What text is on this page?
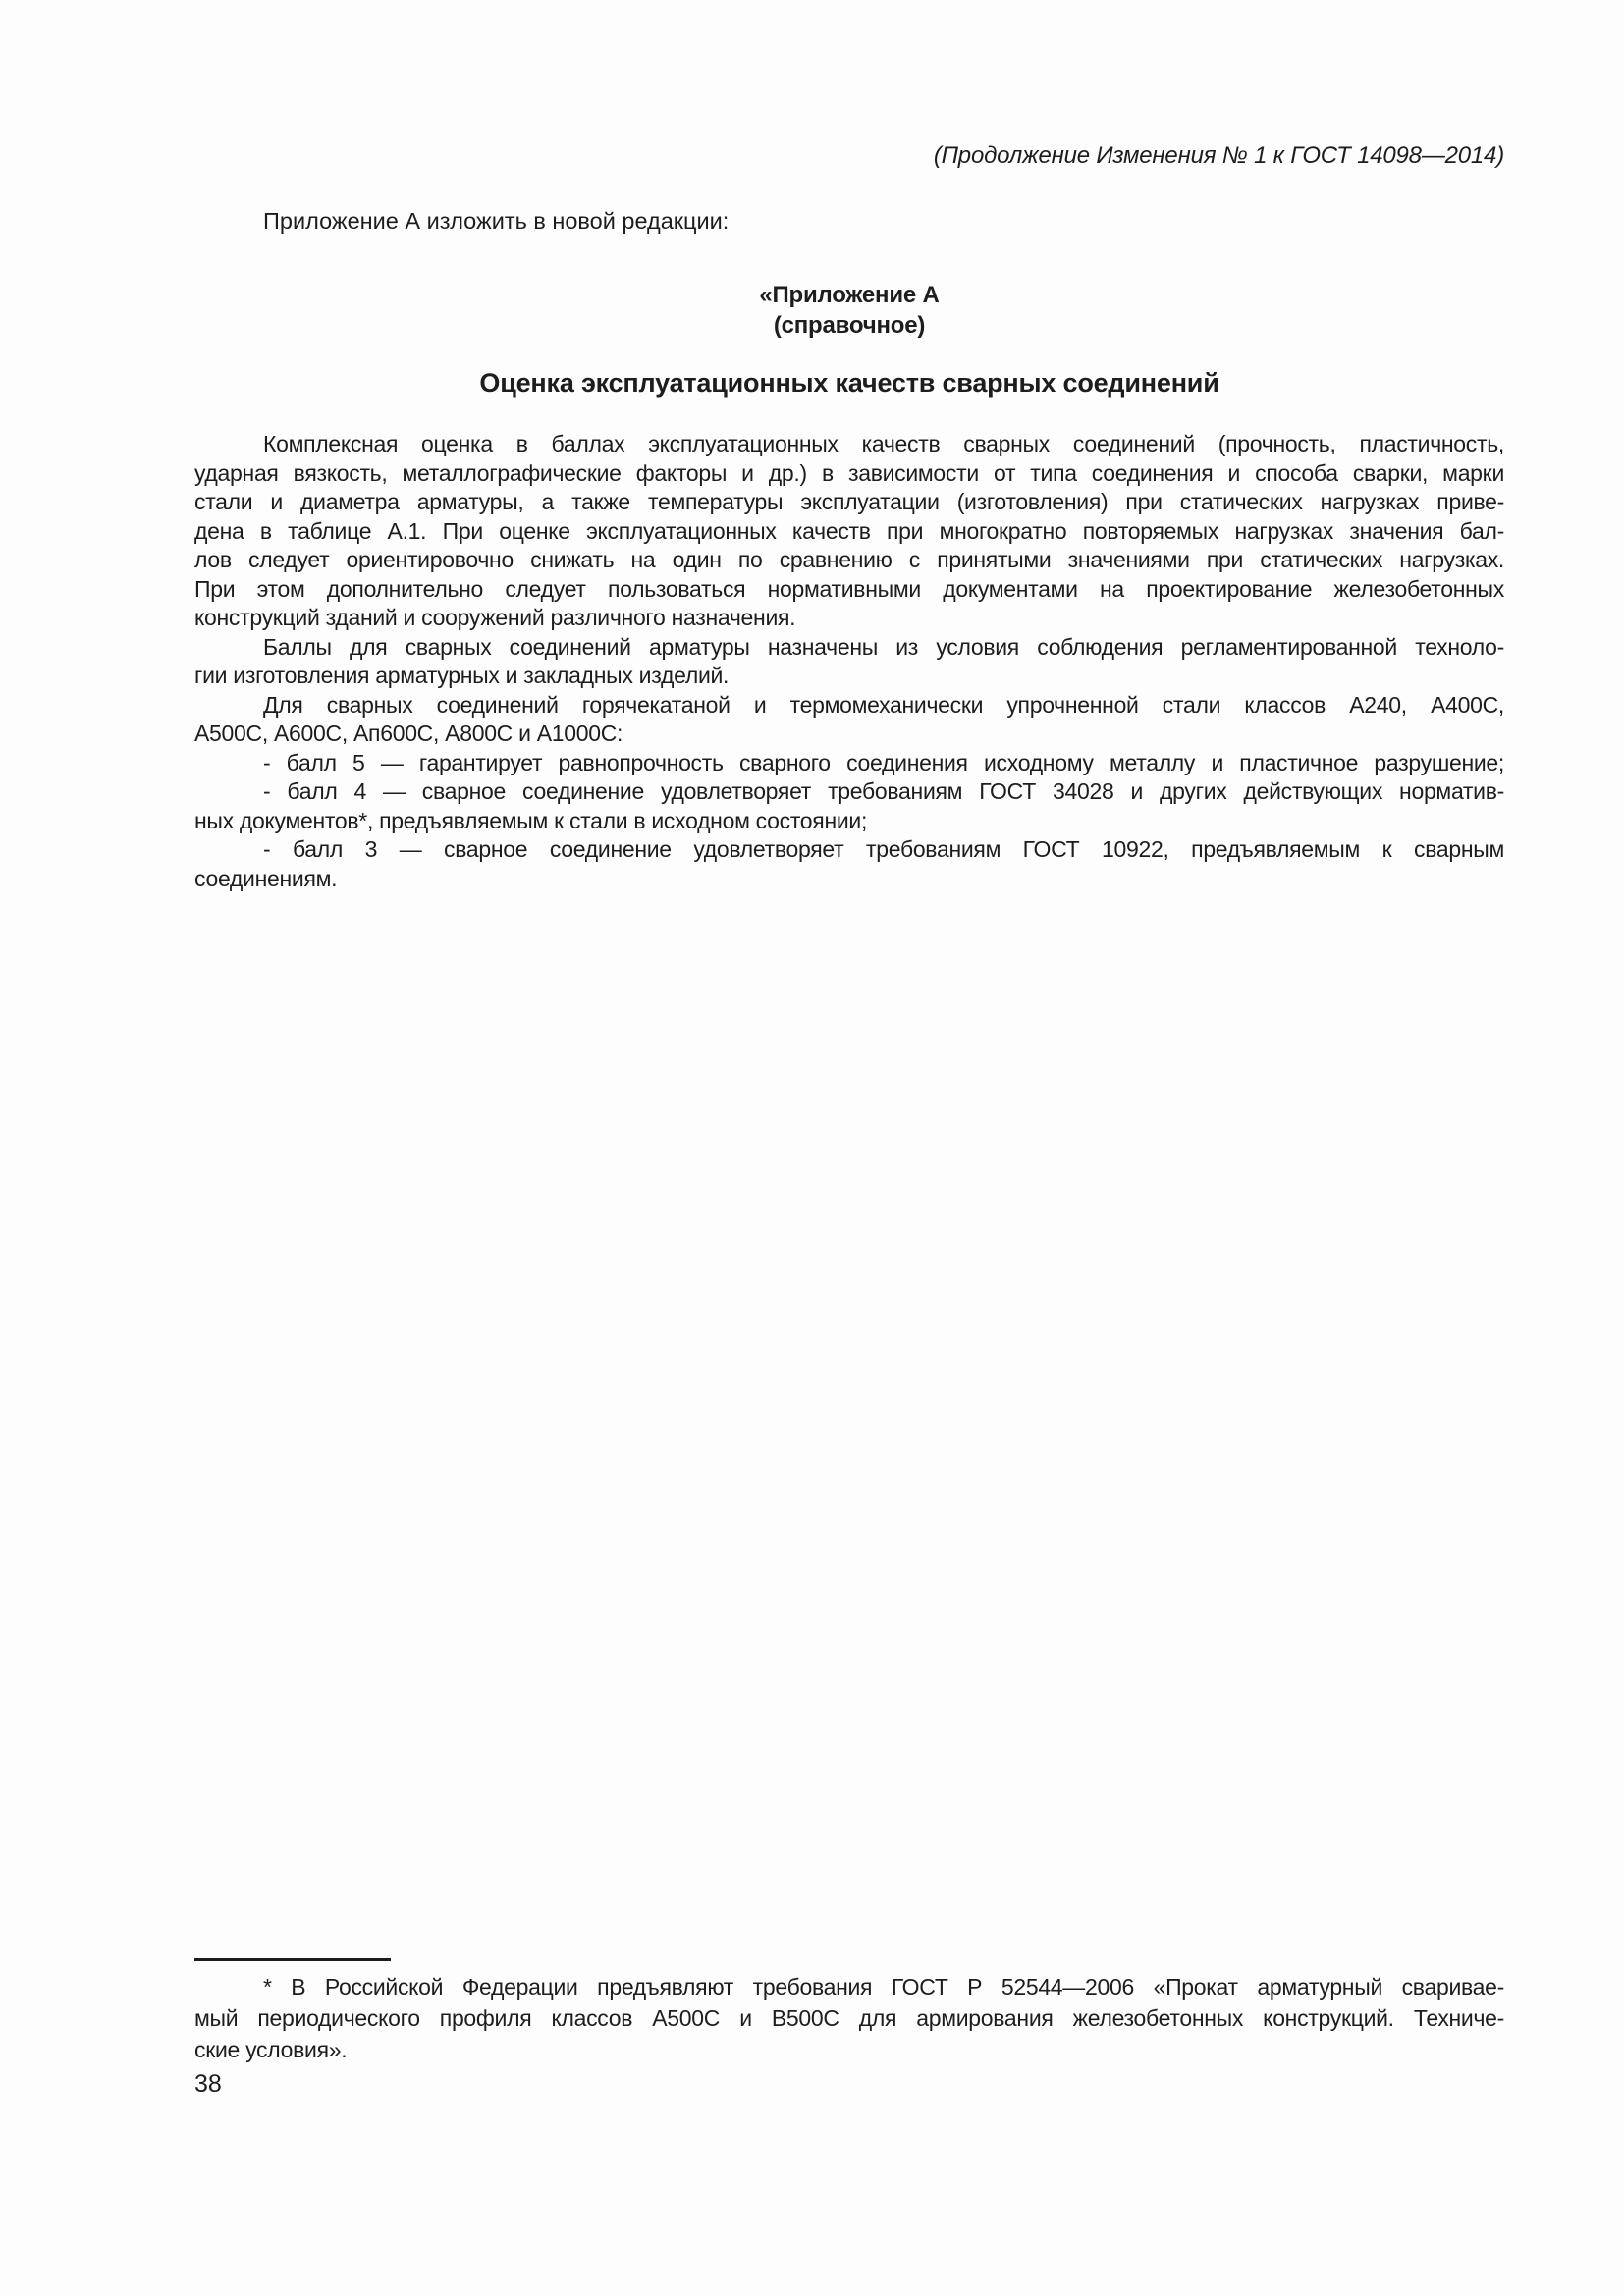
(Продолжение Изменения № 1 к ГОСТ 14098—2014)
Приложение А изложить в новой редакции:
«Приложение А
(справочное)
Оценка эксплуатационных качеств сварных соединений
Комплексная оценка в баллах эксплуатационных качеств сварных соединений (прочность, пластичность,
ударная вязкость, металлографические факторы и др.) в зависимости от типа соединения и способа сварки, марки
стали и диаметра арматуры, а также температуры эксплуатации (изготовления) при статических нагрузках приве-
дена в таблице А.1. При оценке эксплуатационных качеств при многократно повторяемых нагрузках значения бал-
лов следует ориентировочно снижать на один по сравнению с принятыми значениями при статических нагрузках.
При этом дополнительно следует пользоваться нормативными документами на проектирование железобетонных
конструкций зданий и сооружений различного назначения.
Баллы для сварных соединений арматуры назначены из условия соблюдения регламентированной техноло-
гии изготовления арматурных и закладных изделий.
Для сварных соединений горячекатаной и термомеханически упрочненной стали классов А240, А400С,
А500С, А600С, Ап600С, А800С и А1000С:
- балл 5 — гарантирует равнопрочность сварного соединения исходному металлу и пластичное разрушение;
- балл 4 — сварное соединение удовлетворяет требованиям ГОСТ 34028 и других действующих норматив-
ных документов*, предъявляемым к стали в исходном состоянии;
- балл 3 — сварное соединение удовлетворяет требованиям ГОСТ 10922, предъявляемым к сварным
соединениям.
* В Российской Федерации предъявляют требования ГОСТ Р 52544—2006 «Прокат арматурный сваривае-
мый периодического профиля классов А500С и В500С для армирования железобетонных конструкций. Техниче-
ские условия».
38
